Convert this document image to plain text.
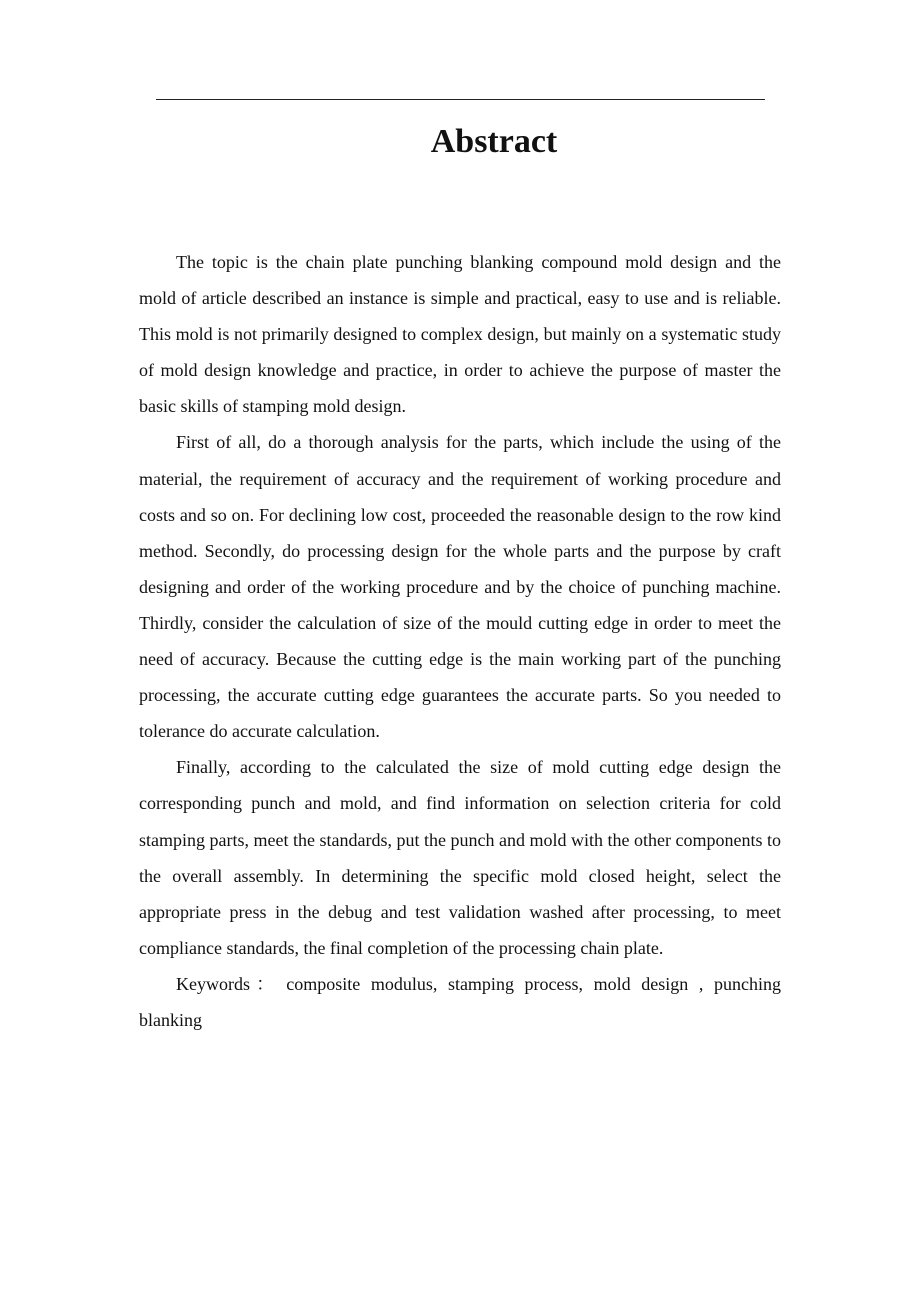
Abstract

The topic is the chain plate punching blanking compound mold design and the mold of article described an instance is simple and practical, easy to use and is reliable. This mold is not primarily designed to complex design, but mainly on a systematic study of mold design knowledge and practice, in order to achieve the purpose of master the basic skills of stamping mold design.

First of all, do a thorough analysis for the parts, which include the using of the material, the requirement of accuracy and the requirement of working procedure and costs and so on. For declining low cost, proceeded the reasonable design to the row kind method. Secondly, do processing design for the whole parts and the purpose by craft designing and order of the working procedure and by the choice of punching machine. Thirdly, consider the calculation of size of the mould cutting edge in order to meet the need of accuracy. Because the cutting edge is the main working part of the punching processing, the accurate cutting edge guarantees the accurate parts. So you needed to tolerance do accurate calculation.

Finally, according to the calculated the size of mold cutting edge design the corresponding punch and mold, and find information on selection criteria for cold stamping parts, meet the standards, put the punch and mold with the other components to the overall assembly. In determining the specific mold closed height, select the appropriate press in the debug and test validation washed after processing, to meet compliance standards, the final completion of the processing chain plate.

Keywords： composite modulus, stamping process, mold design , punching blanking
